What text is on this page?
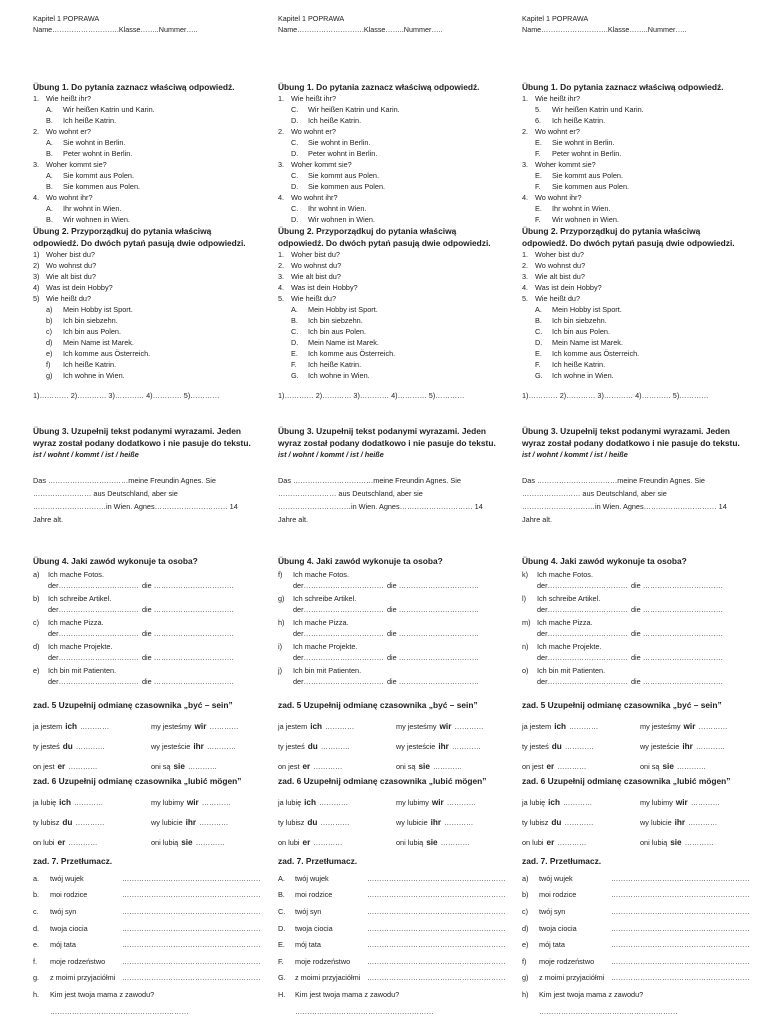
Kapitel 1 POPRAWA
Name……………………….Klasse……..Nummer…..
Übung 1. Do pytania zaznacz właściwą odpowiedź.
1. Wie heißt ihr?
A.	Wir heißen Katrin und Karin.
B.	Ich heiße Katrin.
2. Wo wohnt er?
A.	Sie wohnt in Berlin.
B.	Peter wohnt in Berlin.
3. Woher kommt sie?
A.	Sie kommt aus Polen.
B.	Sie kommen aus Polen.
4. Wo wohnt ihr?
A.	Ihr wohnt in Wien.
B.	Wir wohnen in Wien.
Übung 2. Przyporządkuj do pytania właściwą
odpowiedź. Do dwóch pytań pasują dwie odpowiedzi.
1) Woher bist du?
2) Wo wohnst du?
3) Wie alt bist du?
4) Was ist dein Hobby?
5) Wie heißt du?
a)	Mein Hobby ist Sport.
b)	Ich bin siebzehn.
c)	Ich bin aus Polen.
d)	Mein Name ist Marek.
e)	Ich komme aus Österreich.
f)	Ich heiße Katrin.
g)	Ich wohne in Wien.
1)………… 2)………… 3)………… 4)………… 5)…………
Übung 3. Uzupełnij tekst podanymi wyrazami. Jeden
wyraz został podany dodatkowo i nie pasuje do tekstu.
ist / wohnt / kommt / ist / heiße
Das ……………………………meine Freundin Agnes. Sie
…………………… aus Deutschland, aber sie
…………………………in Wien. Agnes………………………… 14
Jahre alt.
Übung 4. Jaki zawód wykonuje ta osoba?
a)	Ich mache Fotos.
der…………………………… die ……………………………
b)	Ich schreibe Artikel.
der…………………………… die ……………………………
c)	Ich mache Pizza.
der…………………………… die ……………………………
d)	Ich mache Projekte.
der…………………………… die ……………………………
e)	Ich bin mit Patienten.
der…………………………… die ……………………………
zad. 5 Uzupełnij odmianę czasownika „być – sein”
ja jestem ich …………	my jesteśmy wir …………
ty jesteś du …………	wy jesteście ihr …………
on jest er …………	oni są sie …………
zad. 6 Uzupełnij odmianę czasownika „lubić mögen”
ja lubię ich …………	my lubimy wir …………
ty lubisz du …………	wy lubicie ihr …………
on lubi er …………	oni lubią sie …………
zad. 7. Przetłumacz.
a.	twój wujek	…………………………………………………
b.	moi rodzice	…………………………………………………
c.	twój syn	…………………………………………………
d.	twoja ciocia	…………………………………………………
e.	mój tata	…………………………………………………
f.	moje rodzeństwo	…………………………………………………
g.	z moimi przyjaciółmi …………………………………………………
h.	Kim jest twoja mama z zawodu?
…………………………………………………
Kapitel 1 POPRAWA
Name……………………….Klasse……..Nummer…..
Übung 1. Do pytania zaznacz właściwą odpowiedź.
1. Wie heißt ihr?
C.	Wir heißen Katrin und Karin.
D.	Ich heiße Katrin.
2. Wo wohnt er?
C.	Sie wohnt in Berlin.
D.	Peter wohnt in Berlin.
3. Woher kommt sie?
C.	Sie kommt aus Polen.
D.	Sie kommen aus Polen.
4. Wo wohnt ihr?
C.	Ihr wohnt in Wien.
D.	Wir wohnen in Wien.
Übung 2. Przyporządkuj do pytania właściwą
odpowiedź. Do dwóch pytań pasują dwie odpowiedzi.
1. Woher bist du?
2. Wo wohnst du?
3. Wie alt bist du?
4. Was ist dein Hobby?
5. Wie heißt du?
A.	Mein Hobby ist Sport.
B.	Ich bin siebzehn.
C.	Ich bin aus Polen.
D.	Mein Name ist Marek.
E.	Ich komme aus Österreich.
F.	Ich heiße Katrin.
G.	Ich wohne in Wien.
1)………… 2)………… 3)………… 4)………… 5)…………
Übung 3. Uzupełnij tekst podanymi wyrazami. Jeden
wyraz został podany dodatkowo i nie pasuje do tekstu.
ist / wohnt / kommt / ist / heiße
Das ……………………………meine Freundin Agnes. Sie
…………………… aus Deutschland, aber sie
…………………………in Wien. Agnes………………………… 14
Jahre alt.
Übung 4. Jaki zawód wykonuje ta osoba?
f)	Ich mache Fotos.
der…………………………… die ……………………………
g)	Ich schreibe Artikel.
der…………………………… die ……………………………
h)	Ich mache Pizza.
der…………………………… die ……………………………
i)	Ich mache Projekte.
der…………………………… die ……………………………
j)	Ich bin mit Patienten.
der…………………………… die ……………………………
zad. 5 Uzupełnij odmianę czasownika „być – sein”
ja jestem ich …………	my jesteśmy wir …………
ty jesteś du …………	wy jesteście ihr …………
on jest er …………	oni są sie …………
zad. 6 Uzupełnij odmianę czasownika „lubić mögen”
ja lubię ich …………	my lubimy wir …………
ty lubisz du …………	wy lubicie ihr …………
on lubi er …………	oni lubią sie …………
zad. 7. Przetłumacz.
A.	twój wujek	…………………………………………………
B.	moi rodzice	…………………………………………………
C.	twój syn	…………………………………………………
D.	twoja ciocia	…………………………………………………
E.	mój tata	…………………………………………………
F.	moje rodzeństwo	…………………………………………………
G.	z moimi przyjaciółmi …………………………………………………
H.	Kim jest twoja mama z zawodu?
…………………………………………………
Kapitel 1 POPRAWA
Name……………………….Klasse……..Nummer…..
Übung 1. Do pytania zaznacz właściwą odpowiedź.
1. Wie heißt ihr?
5.	Wir heißen Katrin und Karin.
6.	Ich heiße Katrin.
2. Wo wohnt er?
E.	Sie wohnt in Berlin.
F.	Peter wohnt in Berlin.
3. Woher kommt sie?
E.	Sie kommt aus Polen.
F.	Sie kommen aus Polen.
4. Wo wohnt ihr?
E.	Ihr wohnt in Wien.
F.	Wir wohnen in Wien.
Übung 2. Przyporządkuj do pytania właściwą
odpowiedź. Do dwóch pytań pasują dwie odpowiedzi.
1. Woher bist du?
2. Wo wohnst du?
3. Wie alt bist du?
4. Was ist dein Hobby?
5. Wie heißt du?
A.	Mein Hobby ist Sport.
B.	Ich bin siebzehn.
C.	Ich bin aus Polen.
D.	Mein Name ist Marek.
E.	Ich komme aus Österreich.
F.	Ich heiße Katrin.
G.	Ich wohne in Wien.
1)………… 2)………… 3)………… 4)………… 5)…………
Übung 3. Uzupełnij tekst podanymi wyrazami. Jeden
wyraz został podany dodatkowo i nie pasuje do tekstu.
ist / wohnt / kommt / ist / heiße
Das ……………………………meine Freundin Agnes. Sie
…………………… aus Deutschland, aber sie
…………………………in Wien. Agnes………………………… 14
Jahre alt.
Übung 4. Jaki zawód wykonuje ta osoba?
k)	Ich mache Fotos.
der…………………………… die ……………………………
l)	Ich schreibe Artikel.
der…………………………… die ……………………………
m) Ich mache Pizza.
der…………………………… die ……………………………
n)	Ich mache Projekte.
der…………………………… die ……………………………
o)	Ich bin mit Patienten.
der…………………………… die ……………………………
zad. 5 Uzupełnij odmianę czasownika „być – sein”
ja jestem ich …………	my jesteśmy wir …………
ty jesteś du …………	wy jesteście ihr …………
on jest er …………	oni są sie …………
zad. 6 Uzupełnij odmianę czasownika „lubić mögen”
ja lubię ich …………	my lubimy wir …………
ty lubisz du …………	wy lubicie ihr …………
on lubi er …………	oni lubią sie …………
zad. 7. Przetłumacz.
a)	twój wujek	…………………………………………………
b)	moi rodzice	…………………………………………………
c)	twój syn	…………………………………………………
d)	twoja ciocia	…………………………………………………
e)	mój tata	…………………………………………………
f)	moje rodzeństwo	…………………………………………………
g)	z moimi przyjaciółmi …………………………………………………
h)	Kim jest twoja mama z zawodu?
…………………………………………………
